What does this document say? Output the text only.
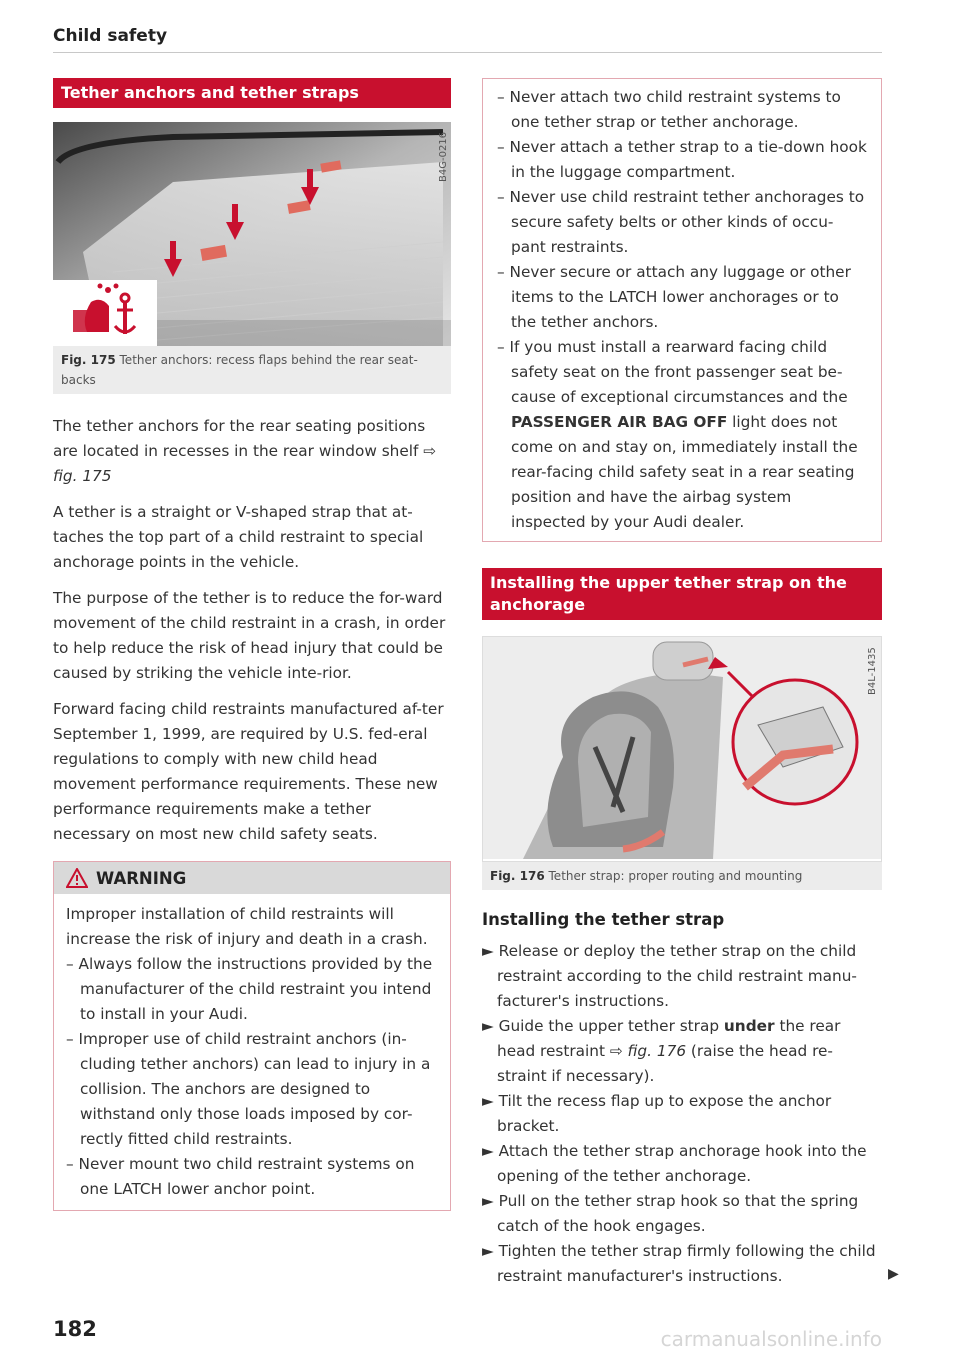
Child safety
Tether anchors and tether straps
B4G-0216
Fig. 175 Tether anchors: recess flaps behind the rear seat-backs

The tether anchors for the rear seating positions are located in recesses in the rear window shelf ⇨ fig. 175

A tether is a straight or V-shaped strap that at-taches the top part of a child restraint to special anchorage points in the vehicle.

The purpose of the tether is to reduce the for-ward movement of the child restraint in a crash, in order to help reduce the risk of head injury that could be caused by striking the vehicle inte-rior.

Forward facing child restraints manufactured af-ter September 1, 1999, are required by U.S. fed-eral regulations to comply with new child head movement performance requirements. These new performance requirements make a tether necessary on most new child safety seats.

WARNING

Improper installation of child restraints will increase the risk of injury and death in a crash.

– Always follow the instructions provided by the manufacturer of the child restraint you intend to install in your Audi.

– Improper use of child restraint anchors (in-cluding tether anchors) can lead to injury in a collision. The anchors are designed to withstand only those loads imposed by cor-rectly fitted child restraints.

– Never mount two child restraint systems on one LATCH lower anchor point.

– Never attach two child restraint systems to one tether strap or tether anchorage.

– Never attach a tether strap to a tie-down hook in the luggage compartment.

– Never use child restraint tether anchorages to secure safety belts or other kinds of occu-pant restraints.

– Never secure or attach any luggage or other items to the LATCH lower anchorages or to the tether anchors.

– If you must install a rearward facing child safety seat on the front passenger seat be-cause of exceptional circumstances and the PASSENGER AIR BAG OFF light does not come on and stay on, immediately install the rear-facing child safety seat in a rear seating position and have the airbag system inspected by your Audi dealer.

Installing the upper tether strap on the anchorage
B4L-1435
Fig. 176 Tether strap: proper routing and mounting
Installing the tether strap

► Release or deploy the tether strap on the child restraint according to the child restraint manu-facturer's instructions.

► Guide the upper tether strap under the rear head restraint ⇨ fig. 176 (raise the head re-straint if necessary).

► Tilt the recess flap up to expose the anchor bracket.

► Attach the tether strap anchorage hook into the opening of the tether anchorage.

► Pull on the tether strap hook so that the spring catch of the hook engages.

► Tighten the tether strap firmly following the child restraint manufacturer's instructions.	▶
182	carmanualsonline.info
